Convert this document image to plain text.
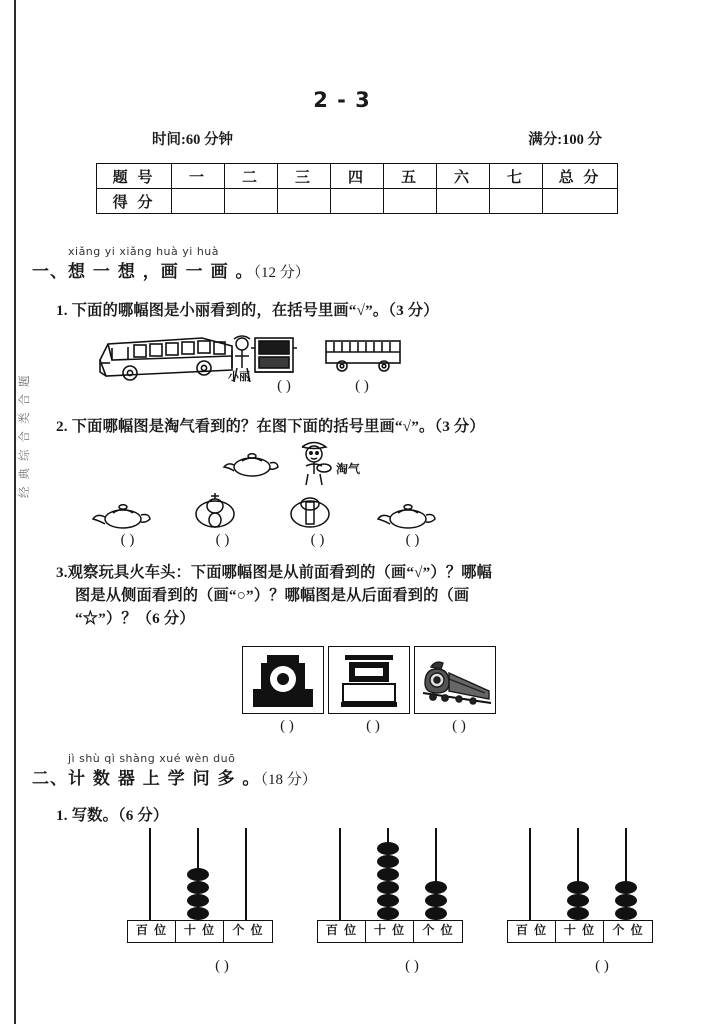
经典综合类合题
2 - 3
时间:60 分钟	满分:100 分
题 号	一	二	三	四	五	六	七	总 分
得 分								
xiǎng yi xiǎng huà yi huà
一、想 一 想 ，画 一 画 。（12 分）
1. 下面的哪幅图是小丽看到的，在括号里画“√”。（3 分）
小丽
( )	( )
2. 下面哪幅图是淘气看到的？在图下面的括号里画“√”。（3 分）
淘气
( )	( )	( )	( )
3.观察玩具火车头：下面哪幅图是从前面看到的（画“√”）？哪幅
图是从侧面看到的（画“○”）？哪幅图是从后面看到的（画
“☆”）？（6 分）
( )	( )	( )
jì shù qì shàng xué wèn duō
二、计 数 器 上 学 问 多 。（18 分）
1. 写数。（6 分）
百 位	十 位	个 位	百 位	十 位	个 位	百 位	十 位	个 位
( )	( )	( )
